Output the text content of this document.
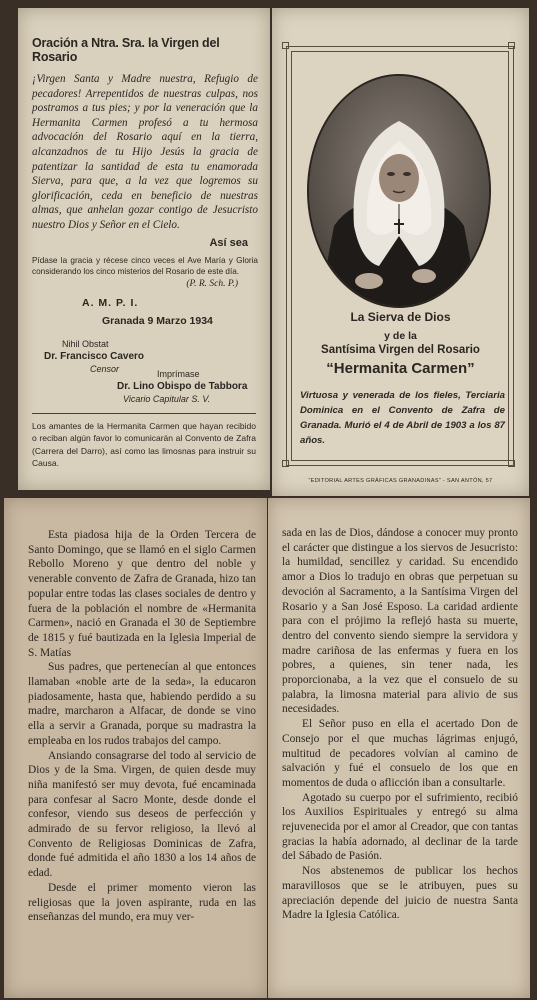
Oración a Ntra. Sra. la Virgen del Rosario

¡Virgen Santa y Madre nuestra, Refugio de pecadores! Arrepentidos de nuestras culpas, nos postramos a tus pies; y por la veneración que la Hermanita Carmen profesó a tu hermosa advocación del Rosario aquí en la tierra, alcanzadnos de tu Hijo Jesús la gracia de patentizar la santidad de esta tu enamorada Sierva, para que, a la vez que logremos su glorificación, ceda en beneficio de nuestras almas, que anhelan gozar contigo de Jesucristo nuestro Dios y Señor en el Cielo.

Así sea

Pídase la gracia y récese cinco veces el Ave María y Gloria considerando los cinco misterios del Rosario de este día.

(P. R. Sch. P.)

A. M. P. I.

Granada 9 Marzo 1934

Nihil Obstat
Dr. Francisco Cavero
Censor	Imprímase
Dr. Lino Obispo de Tabbora
Vicario Capitular S. V.

Los amantes de la Hermanita Carmen que hayan recibido o reciban algún favor lo comunicarán al Convento de Zafra (Carrera del Darro), así como las limosnas para instruir su Causa.

La Sierva de Dios

y de la

Santísima Virgen del Rosario

“Hermanita Carmen”

Virtuosa y venerada de los fieles, Terciaria Dominica en el Convento de Zafra de Granada. Murió el 4 de Abril de 1903 a los 87 años.

“EDITORIAL ARTES GRÁFICAS GRANADINAS” - SAN ANTÓN, 57

Esta piadosa hija de la Orden Tercera de Santo Domingo, que se llamó en el siglo Carmen Rebollo Moreno y que dentro del noble y venerable convento de Zafra de Granada, hizo tan popular entre todas las clases sociales de dentro y fuera de la población el nombre de «Hermanita Carmen», nació en Granada el 30 de Septiembre de 1815 y fué bautizada en la Iglesia Imperial de S. Matías

Sus padres, que pertenecían al que entonces llamaban «noble arte de la seda», la educaron piadosamente, hasta que, habiendo perdido a su madre, marcharon a Alfacar, de donde se vino ella a servir a Granada, porque su madrastra la empleaba en los rudos trabajos del campo.

Ansiando consagrarse del todo al servicio de Dios y de la Sma. Virgen, de quien desde muy niña manifestó ser muy devota, fué encaminada para confesar al Sacro Monte, desde donde el confesor, viendo sus deseos de perfección y admirado de su fervor religioso, la llevó al Convento de Religiosas Dominicas de Zafra, donde fué admitida el año 1830 a los 14 años de edad.

Desde el primer momento vieron las religiosas que la joven aspirante, ruda en las enseñanzas del mundo, era muy ver-

sada en las de Dios, dándose a conocer muy pronto el carácter que distingue a los siervos de Jesucristo: la humildad, sencillez y caridad. Su encendido amor a Dios lo tradujo en obras que perpetuan su devoción al Sacramento, a la Santísima Virgen del Rosario y a San José Esposo. La caridad ardiente para con el prójimo la reflejó hasta su muerte, dentro del convento siendo siempre la servidora y madre cariñosa de las enfermas y fuera en los pobres, a quienes, sin tener nada, les proporcionaba, a la vez que el consuelo de su palabra, la limosna material para alivio de sus necesidades.

El Señor puso en ella el acertado Don de Consejo por el que muchas lágrimas enjugó, multitud de pecadores volvían al camino de salvación y fué el consuelo de los que en momentos de duda o aflicción iban a consultarle.

Agotado su cuerpo por el sufrimiento, recibió los Auxilios Espirituales y entregó su alma rejuvenecida por el amor al Creador, que con tantas gracias la había adornado, al declinar de la tarde del Sábado de Pasión.

Nos abstenemos de publicar los hechos maravillosos que se le atribuyen, pues su apreciación depende del juicio de nuestra Santa Madre la Iglesia Católica.
